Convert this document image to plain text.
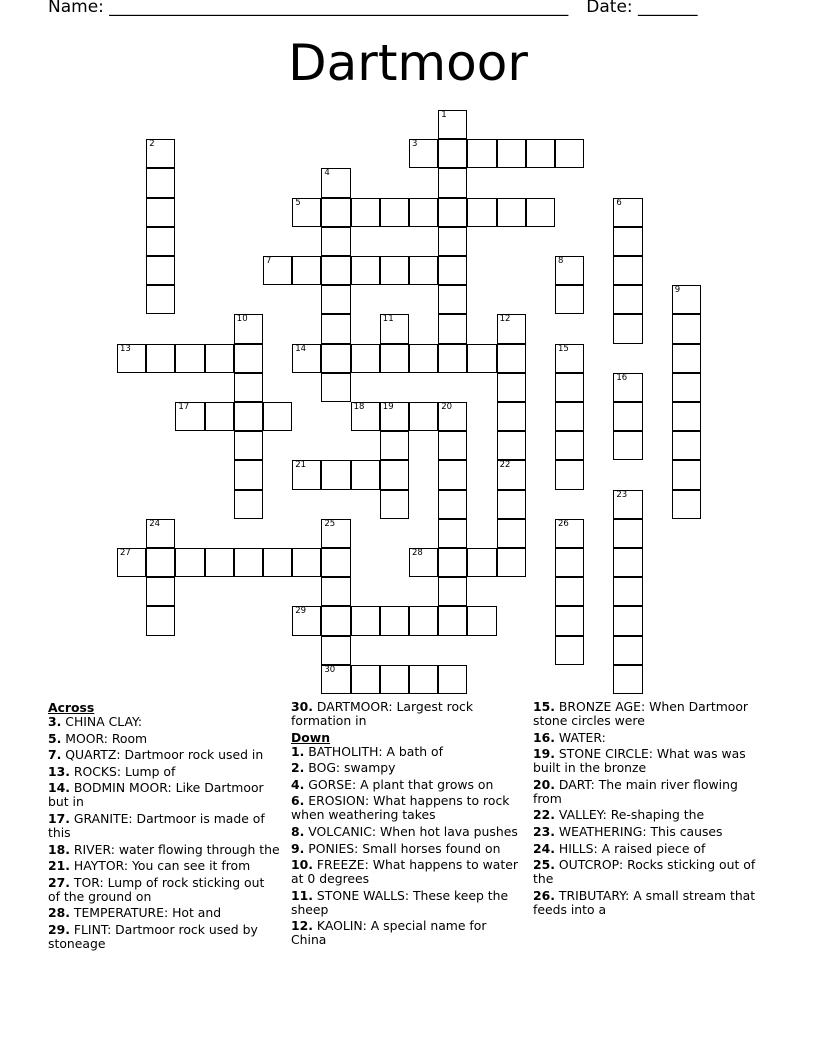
Name: ______________________________________________________ Date: _______
Dartmoor
1
2	3
4
5	6
7	8
9
10	11	12
13	14	15
16
17	18 19	20
21	22
23
24	25
30
26
27	28
29
Across
3. CHINA CLAY:
5. MOOR: Room
7. QUARTZ: Dartmoor rock used in
13. ROCKS: Lump of
14. BODMIN MOOR: Like Dartmoor but in
17. GRANITE: Dartmoor is made of this
18. RIVER: water flowing through the
21. HAYTOR: You can see it from
27. TOR: Lump of rock sticking out of the ground on
28. TEMPERATURE: Hot and
29. FLINT: Dartmoor rock used by stoneage
30. DARTMOOR: Largest rock formation in
Down
1. BATHOLITH: A bath of
2. BOG: swampy
4. GORSE: A plant that grows on
6. EROSION: What happens to rock when weathering takes
8. VOLCANIC: When hot lava pushes
9. PONIES: Small horses found on
10. FREEZE: What happens to water at 0 degrees
11. STONE WALLS: These keep the sheep
12. KAOLIN: A special name for China
15. BRONZE AGE: When Dartmoor stone circles were
16. WATER:
19. STONE CIRCLE: What was was built in the bronze
20. DART: The main river flowing from
22. VALLEY: Re-shaping the
23. WEATHERING: This causes
24. HILLS: A raised piece of
25. OUTCROP: Rocks sticking out of the
26. TRIBUTARY: A small stream that feeds into a
